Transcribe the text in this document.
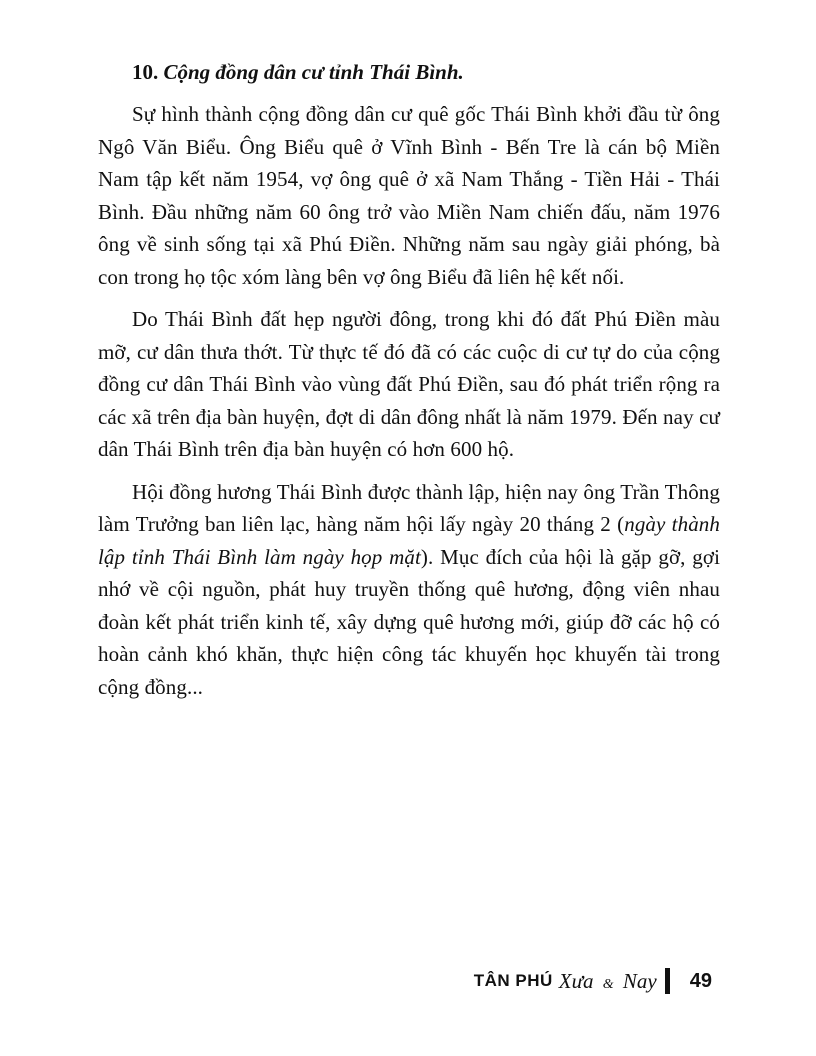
10. Cộng đồng dân cư tỉnh Thái Bình.

Sự hình thành cộng đồng dân cư quê gốc Thái Bình khởi đầu từ ông Ngô Văn Biểu. Ông Biểu quê ở Vĩnh Bình - Bến Tre là cán bộ Miền Nam tập kết năm 1954, vợ ông quê ở xã Nam Thắng - Tiền Hải - Thái Bình. Đầu những năm 60 ông trở vào Miền Nam chiến đấu, năm 1976 ông về sinh sống tại xã Phú Điền. Những năm sau ngày giải phóng, bà con trong họ tộc xóm làng bên vợ ông Biểu đã liên hệ kết nối.

Do Thái Bình đất hẹp người đông, trong khi đó đất Phú Điền màu mỡ, cư dân thưa thớt. Từ thực tế đó đã có các cuộc di cư tự do của cộng đồng cư dân Thái Bình vào vùng đất Phú Điền, sau đó phát triển rộng ra các xã trên địa bàn huyện, đợt di dân đông nhất là năm 1979. Đến nay cư dân Thái Bình trên địa bàn huyện có hơn 600 hộ.

Hội đồng hương Thái Bình được thành lập, hiện nay ông Trần Thông làm Trưởng ban liên lạc, hàng năm hội lấy ngày 20 tháng 2 (ngày thành lập tỉnh Thái Bình làm ngày họp mặt). Mục đích của hội là gặp gỡ, gợi nhớ về cội nguồn, phát huy truyền thống quê hương, động viên nhau đoàn kết phát triển kinh tế, xây dựng quê hương mới, giúp đỡ các hộ có hoàn cảnh khó khăn, thực hiện công tác khuyến học khuyến tài trong cộng đồng...

TÂN PHÚ Xưa & Nay 49
